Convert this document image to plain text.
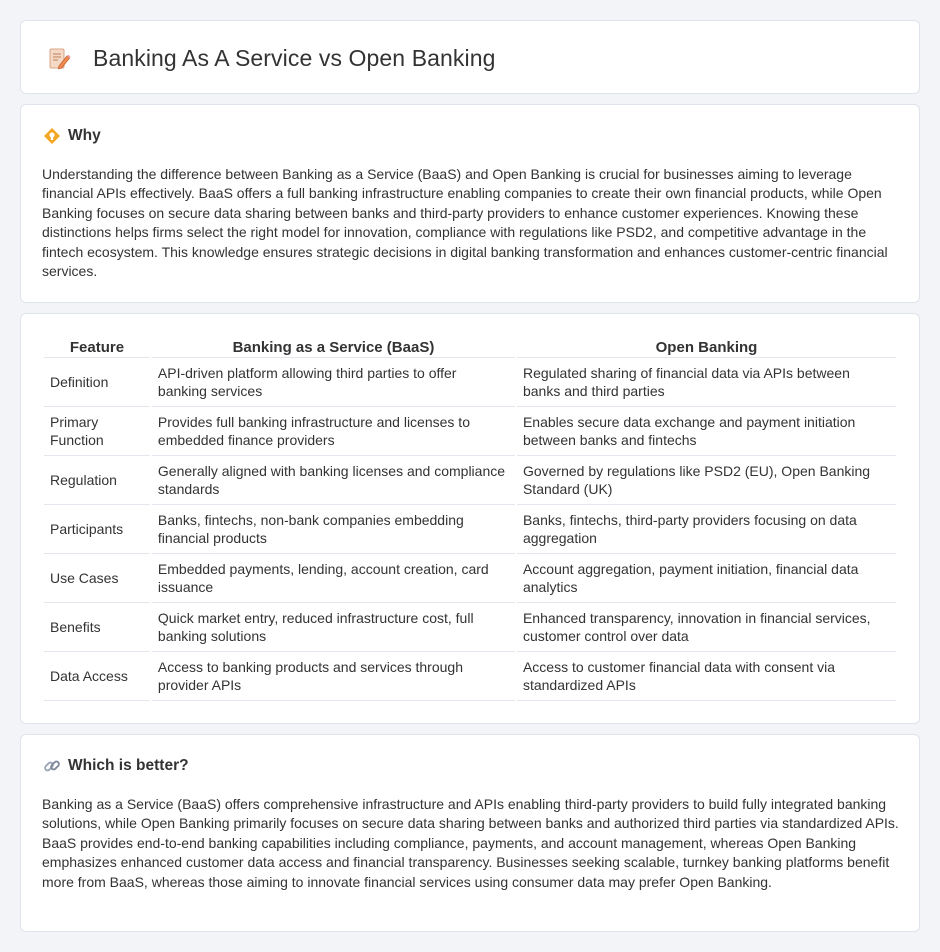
Banking As A Service vs Open Banking
Why

Understanding the difference between Banking as a Service (BaaS) and Open Banking is crucial for businesses aiming to leverage financial APIs effectively. BaaS offers a full banking infrastructure enabling companies to create their own financial products, while Open Banking focuses on secure data sharing between banks and third-party providers to enhance customer experiences. Knowing these distinctions helps firms select the right model for innovation, compliance with regulations like PSD2, and competitive advantage in the fintech ecosystem. This knowledge ensures strategic decisions in digital banking transformation and enhances customer-centric financial services.

Feature	Banking as a Service (BaaS)	Open Banking
Definition	API-driven platform allowing third parties to offer banking services	Regulated sharing of financial data via APIs between banks and third parties
Primary Function	Provides full banking infrastructure and licenses to embedded finance providers	Enables secure data exchange and payment initiation between banks and fintechs
Regulation	Generally aligned with banking licenses and compliance standards	Governed by regulations like PSD2 (EU), Open Banking Standard (UK)
Participants	Banks, fintechs, non-bank companies embedding financial products	Banks, fintechs, third-party providers focusing on data aggregation
Use Cases	Embedded payments, lending, account creation, card issuance	Account aggregation, payment initiation, financial data analytics
Benefits	Quick market entry, reduced infrastructure cost, full banking solutions	Enhanced transparency, innovation in financial services, customer control over data
Data Access	Access to banking products and services through provider APIs	Access to customer financial data with consent via standardized APIs
Which is better?

Banking as a Service (BaaS) offers comprehensive infrastructure and APIs enabling third-party providers to build fully integrated banking solutions, while Open Banking primarily focuses on secure data sharing between banks and authorized third parties via standardized APIs. BaaS provides end-to-end banking capabilities including compliance, payments, and account management, whereas Open Banking emphasizes enhanced customer data access and financial transparency. Businesses seeking scalable, turnkey banking platforms benefit more from BaaS, whereas those aiming to innovate financial services using consumer data may prefer Open Banking.
